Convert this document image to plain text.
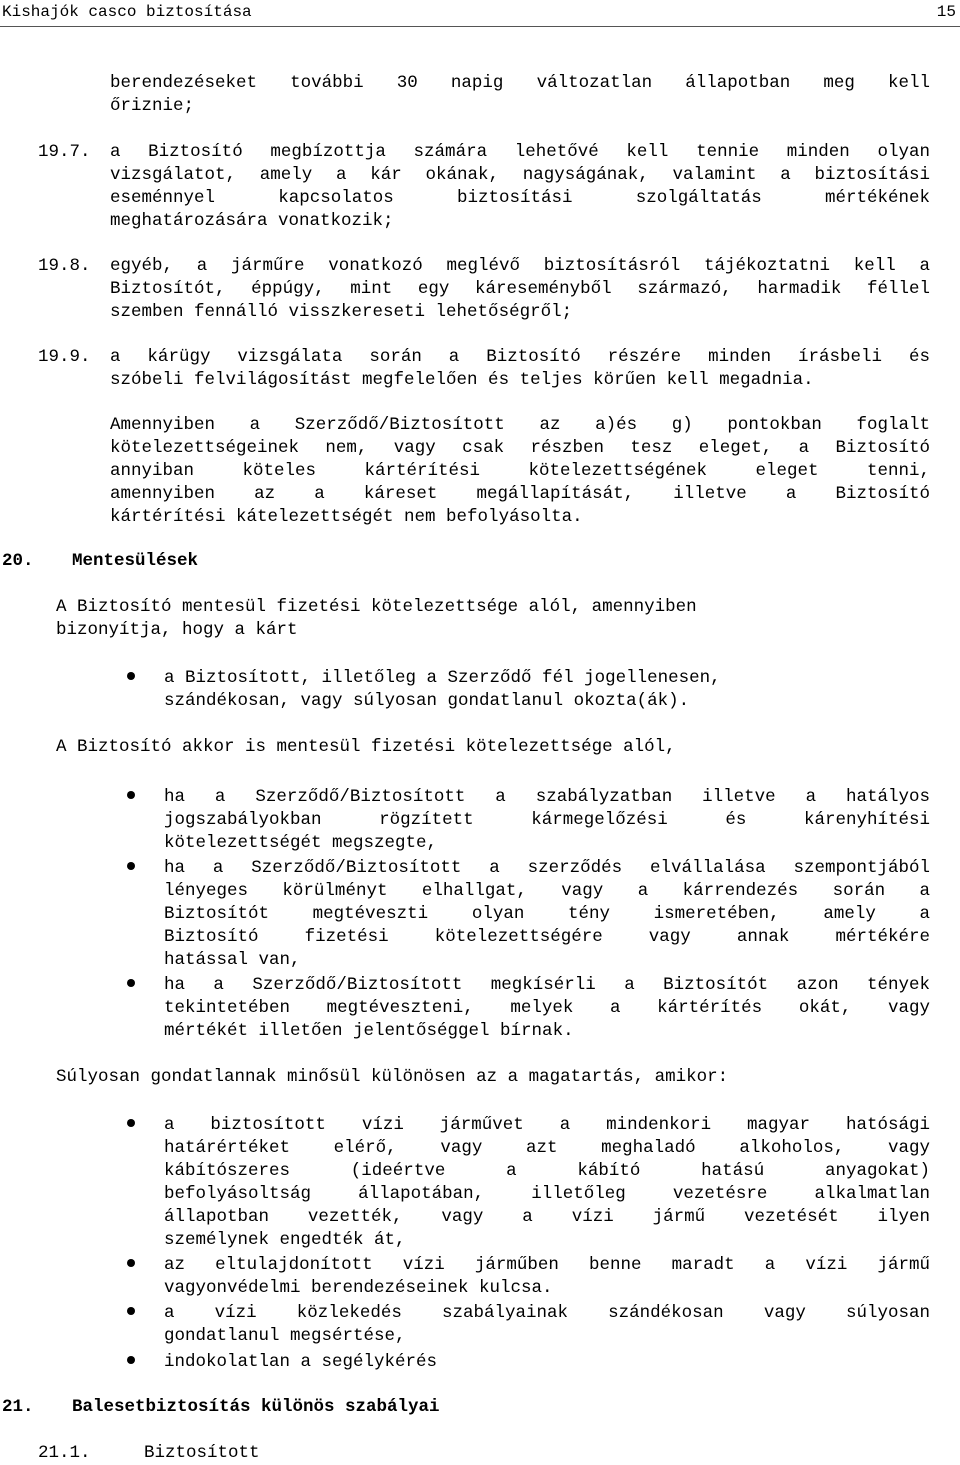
Kishajók casco biztosítása	15
berendezéseket további 30 napig változatlan állapotban meg kell
őriznie;
19.7. a Biztosító megbízottja számára lehetővé kell tennie minden olyan
vizsgálatot, amely a kár okának, nagyságának, valamint a biztosítási
eseménnyel kapcsolatos biztosítási szolgáltatás mértékének
meghatározására vonatkozik;
19.8. egyéb, a járműre vonatkozó meglévő biztosításról tájékoztatni kell a
Biztosítót, éppúgy, mint egy káreseményből származó, harmadik féllel
szemben fennálló visszkereseti lehetőségről;
19.9. a kárügy vizsgálata során a Biztosító részére minden írásbeli és
szóbeli felvilágosítást megfelelően és teljes körűen kell megadnia.
Amennyiben a Szerződő/Biztosított az a)és g) pontokban foglalt
kötelezettségeinek nem, vagy csak részben tesz eleget, a Biztosító
annyiban köteles kártérítési kötelezettségének eleget tenni,
amennyiben az a káreset megállapítását, illetve a Biztosító
kártérítési kátelezettségét nem befolyásolta.
20. Mentesülések
A Biztosító mentesül fizetési kötelezettsége alól, amennyiben
bizonyítja, hogy a kárt
a Biztosított, illetőleg a Szerződő fél jogellenesen,
szándékosan, vagy súlyosan gondatlanul okozta(ák).
A Biztosító akkor is mentesül fizetési kötelezettsége alól,
ha a Szerződő/Biztosított a szabályzatban illetve a hatályos
jogszabályokban rögzített kármegelőzési és kárenyhítési
kötelezettségét megszegte,
ha a Szerződő/Biztosított a szerződés elvállalása szempontjából
lényeges körülményt elhallgat, vagy a kárrendezés során a
Biztosítót megtéveszti olyan tény ismeretében, amely a
Biztosító fizetési kötelezettségére vagy annak mértékére
hatással van,
ha a Szerződő/Biztosított megkísérli a Biztosítót azon tények
tekintetében megtéveszteni, melyek a kártérítés okát, vagy
mértékét illetően jelentőséggel bírnak.
Súlyosan gondatlannak minősül különösen az a magatartás, amikor:
a biztosított vízi járművet a mindenkori magyar hatósági
határértéket elérő, vagy azt meghaladó alkoholos, vagy
kábítószeres (ideértve a kábító hatású anyagokat)
befolyásoltság állapotában, illetőleg vezetésre alkalmatlan
állapotban vezették, vagy a vízi jármű vezetését ilyen
személynek engedték át,
az eltulajdonított vízi járműben benne maradt a vízi jármű
vagyonvédelmi berendezéseinek kulcsa.
a vízi közlekedés szabályainak szándékosan vagy súlyosan
gondatlanul megsértése,
indokolatlan a segélykérés
21. Balesetbiztosítás különös szabályai
21.1.	Biztosított
